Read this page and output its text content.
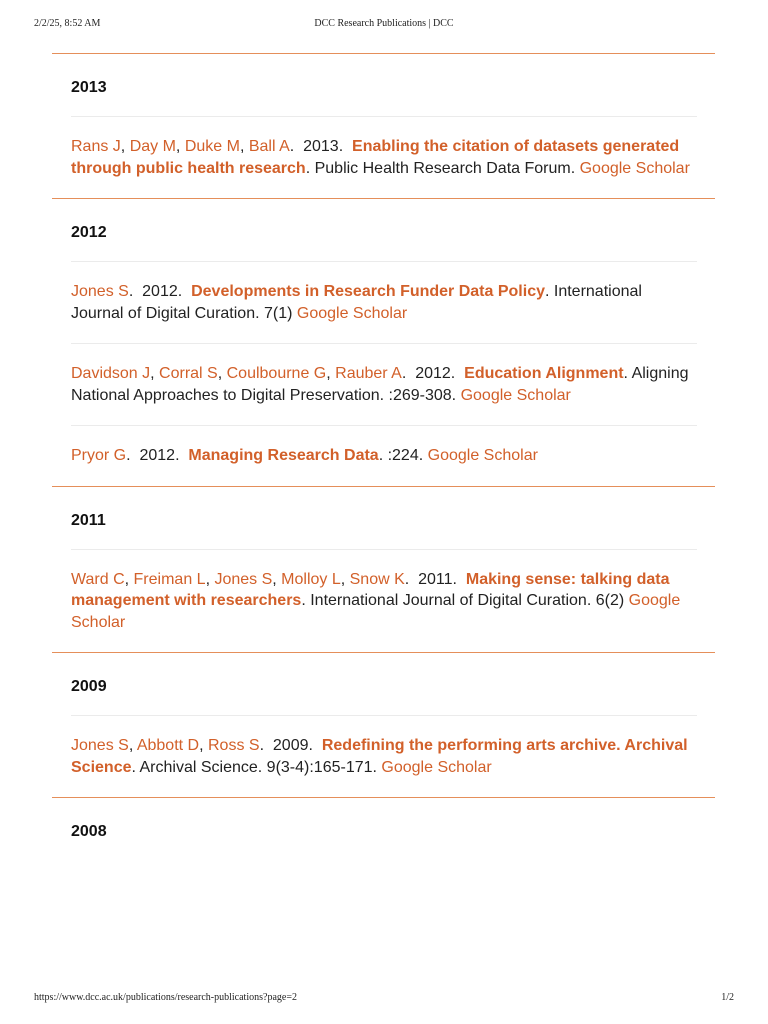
2/2/25, 8:52 AM	DCC Research Publications | DCC
2013
Rans J, Day M, Duke M, Ball A.  2013.  Enabling the citation of datasets generated through public health research. Public Health Research Data Forum. Google Scholar
2012
Jones S.  2012.  Developments in Research Funder Data Policy. International Journal of Digital Curation. 7(1) Google Scholar
Davidson J, Corral S, Coulbourne G, Rauber A.  2012.  Education Alignment. Aligning National Approaches to Digital Preservation. :269-308. Google Scholar
Pryor G.  2012.  Managing Research Data. :224. Google Scholar
2011
Ward C, Freiman L, Jones S, Molloy L, Snow K.  2011.  Making sense: talking data management with researchers. International Journal of Digital Curation. 6(2) Google Scholar
2009
Jones S, Abbott D, Ross S.  2009.  Redefining the performing arts archive. Archival Science. Archival Science. 9(3-4):165-171. Google Scholar
2008
https://www.dcc.ac.uk/publications/research-publications?page=2	1/2
